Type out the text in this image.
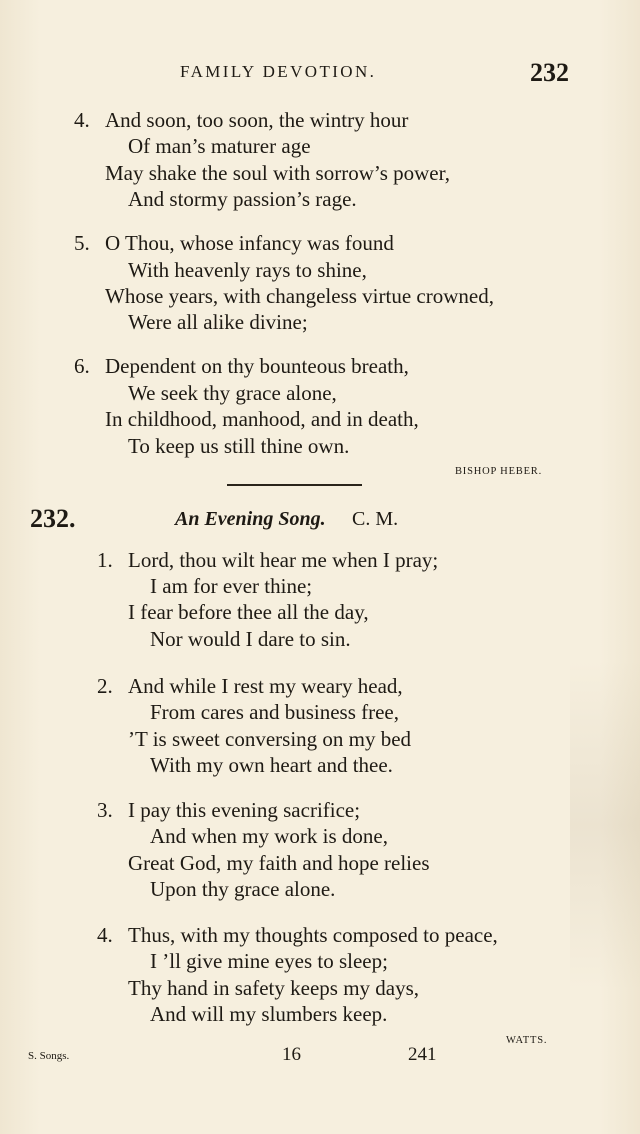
FAMILY DEVOTION.	232
4. And soon, too soon, the wintry hour
Of man’s maturer age
May shake the soul with sorrow’s power,
And stormy passion’s rage.
5. O Thou, whose infancy was found
With heavenly rays to shine,
Whose years, with changeless virtue crowned,
Were all alike divine;
6. Dependent on thy bounteous breath,
We seek thy grace alone,
In childhood, manhood, and in death,
To keep us still thine own.
BISHOP HEBER.
232.	An Evening Song. C. M.
1. Lord, thou wilt hear me when I pray;
I am for ever thine;
I fear before thee all the day,
Nor would I dare to sin.
2. And while I rest my weary head,
From cares and business free,
’T is sweet conversing on my bed
With my own heart and thee.
3. I pay this evening sacrifice;
And when my work is done,
Great God, my faith and hope relies
Upon thy grace alone.
4. Thus, with my thoughts composed to peace,
I ’ll give mine eyes to sleep;
Thy hand in safety keeps my days,
And will my slumbers keep.
WATTS.
S. Songs.	16	241
